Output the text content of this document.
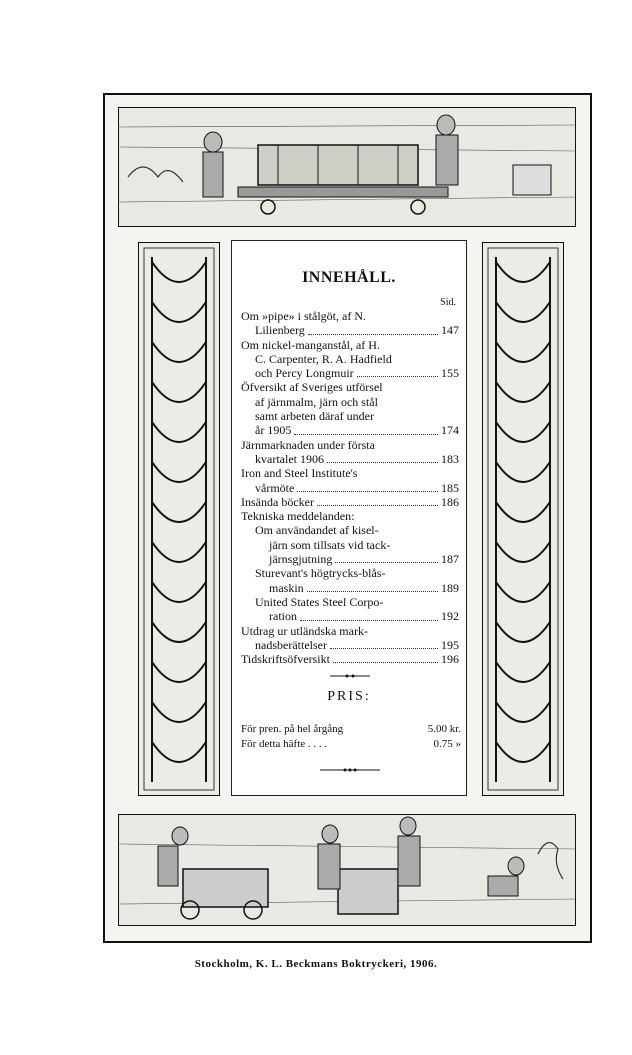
INNEHÅLL.
Sid.
Om »pipe» i stålgöt, af N.
Lilienberg	147
Om nickel-manganstål, af H.
C. Carpenter, R. A. Hadfield
och Percy Longmuir	155
Öfversikt af Sveriges utförsel
af järnmalm, järn och stål
samt arbeten däraf under
år 1905	174
Järnmarknaden under första
kvartalet 1906	183
Iron and Steel Institute's
vårmöte	185
Insända böcker	186
Tekniska meddelanden:
Om användandet af kisel-
järn som tillsats vid tack-
järnsgjutning	187
Sturevant's högtrycks-blås-
maskin	189
United States Steel Corpo-
ration	192
Utdrag ur utländska mark-
nadsberättelser	195
Tidskriftsöfversikt	196
PRIS:
För pren. på hel årgång	5.00 kr.
För detta häfte . . . .	0.75 »
Stockholm, K. L. Beckmans Boktryckeri, 1906.
